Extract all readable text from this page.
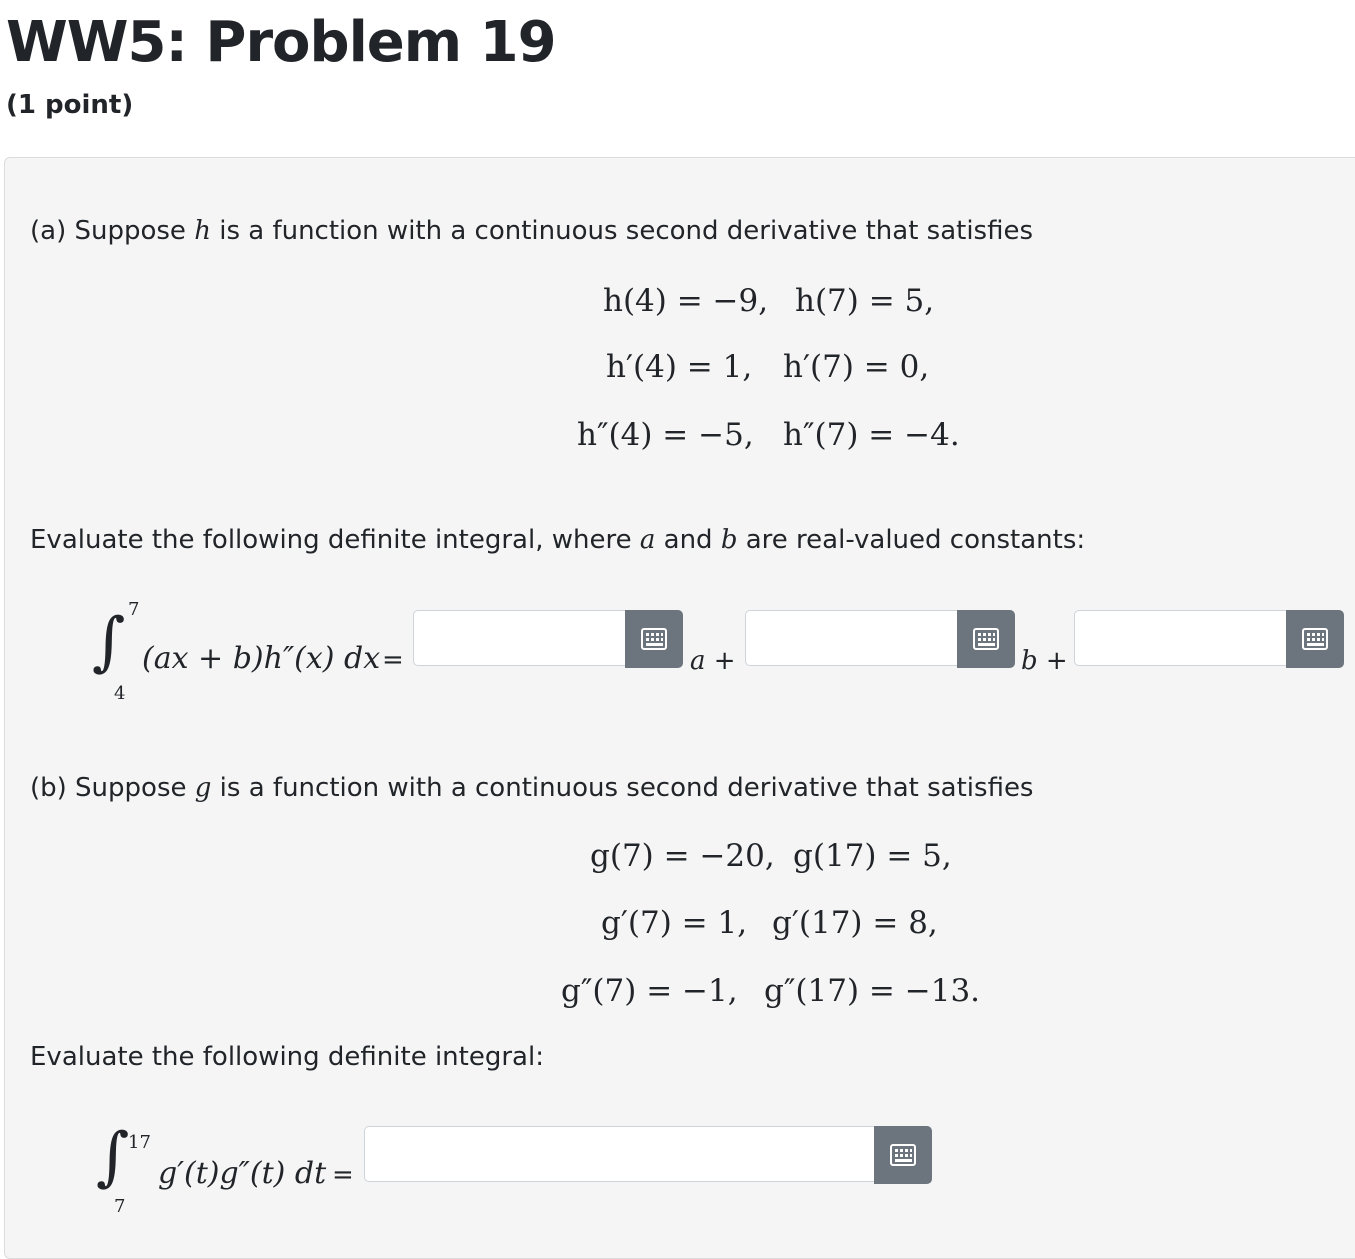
WW5: Problem 19
(1 point)
(a) Suppose h is a function with a continuous second derivative that satisfies
h(4) = −9, h(7) = 5,
h′(4) = 1, h′(7) = 0,
h″(4) = −5, h″(7) = −4.
Evaluate the following definite integral, where a and b are real-valued constants:
∫ 7
4
(ax + b)h″(x) dx =	a +	b +
(b) Suppose g is a function with a continuous second derivative that satisfies
g(7) = −20, g(17) = 5,
g′(7) = 1, g′(17) = 8,
g″(7) = −1, g″(17) = −13.
Evaluate the following definite integral:
∫
17
7
g′(t)g″(t) dt =
